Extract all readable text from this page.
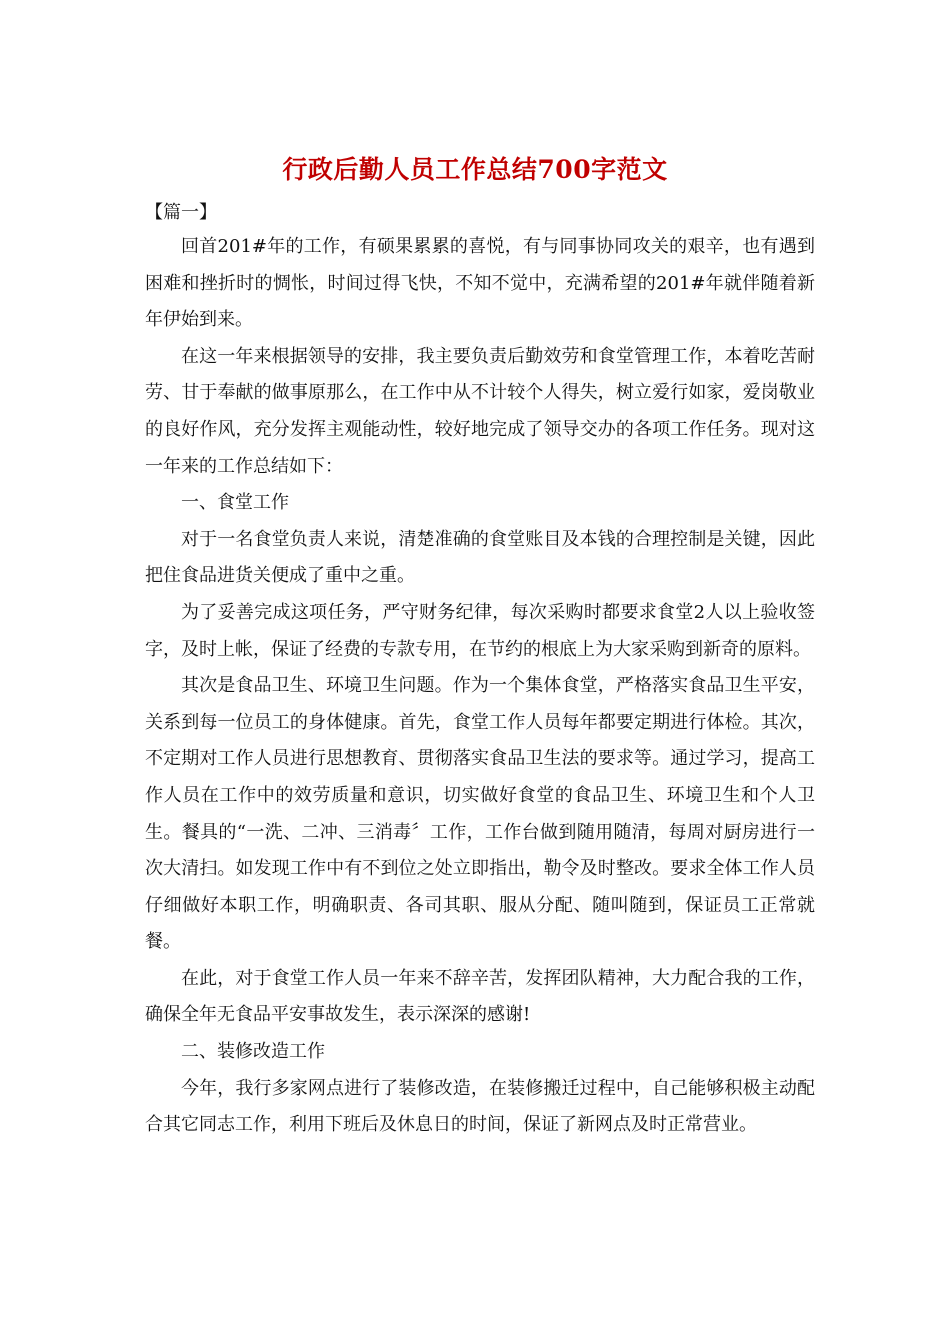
行政后勤人员工作总结700字范文
【篇一】

回首201#年的工作，有硕果累累的喜悦，有与同事协同攻关的艰辛，也有遇到困难和挫折时的惆怅，时间过得飞快，不知不觉中，充满希望的201#年就伴随着新年伊始到来。

在这一年来根据领导的安排，我主要负责后勤效劳和食堂管理工作，本着吃苦耐劳、甘于奉献的做事原那么，在工作中从不计较个人得失，树立爱行如家，爱岗敬业的良好作风，充分发挥主观能动性，较好地完成了领导交办的各项工作任务。现对这一年来的工作总结如下：

一、食堂工作

对于一名食堂负责人来说，清楚准确的食堂账目及本钱的合理控制是关键，因此把住食品进货关便成了重中之重。

为了妥善完成这项任务，严守财务纪律，每次采购时都要求食堂2人以上验收签字，及时上帐，保证了经费的专款专用，在节约的根底上为大家采购到新奇的原料。

其次是食品卫生、环境卫生问题。作为一个集体食堂，严格落实食品卫生平安，关系到每一位员工的身体健康。首先，食堂工作人员每年都要定期进行体检。其次，不定期对工作人员进行思想教育、贯彻落实食品卫生法的要求等。通过学习，提高工作人员在工作中的效劳质量和意识，切实做好食堂的食品卫生、环境卫生和个人卫生。餐具的“一洗、二冲、三消毒〞工作，工作台做到随用随清，每周对厨房进行一次大清扫。如发现工作中有不到位之处立即指出，勒令及时整改。要求全体工作人员仔细做好本职工作，明确职责、各司其职、服从分配、随叫随到，保证员工正常就餐。

在此，对于食堂工作人员一年来不辞辛苦，发挥团队精神，大力配合我的工作，确保全年无食品平安事故发生，表示深深的感谢!

二、装修改造工作

今年，我行多家网点进行了装修改造，在装修搬迁过程中，自己能够积极主动配合其它同志工作，利用下班后及休息日的时间，保证了新网点及时正常营业。
